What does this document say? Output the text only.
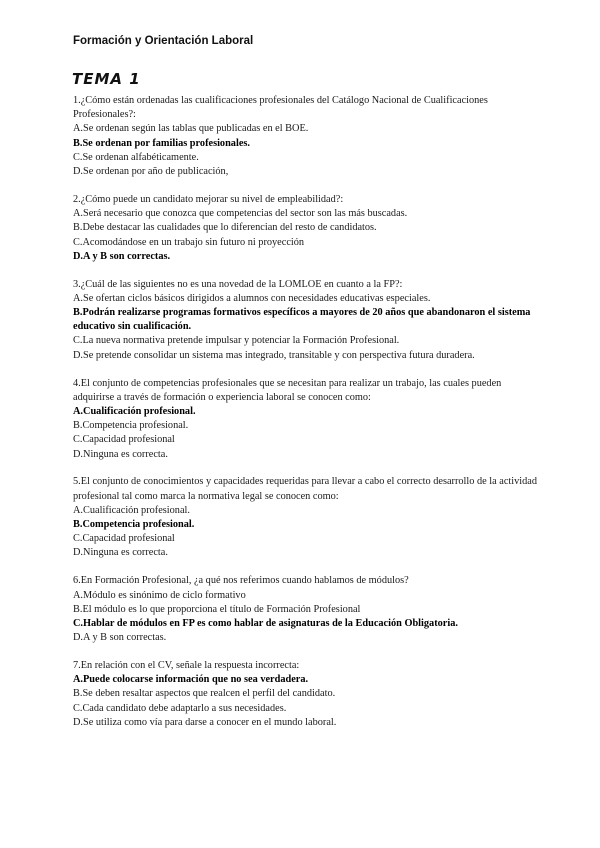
Formación y Orientación Laboral
TEMA 1

1.¿Cómo están ordenadas las cualificaciones profesionales del Catálogo Nacional de Cualificaciones Profesionales?:

A.Se ordenan según las tablas que publicadas en el BOE.

B.Se ordenan por familias profesionales.

C.Se ordenan alfabéticamente.

D.Se ordenan por año de publicación,

2.¿Cómo puede un candidato mejorar su nivel de empleabilidad?:

A.Será necesario que conozca que competencias del sector son las más buscadas.

B.Debe destacar las cualidades que lo diferencian del resto de candidatos.

C.Acomodándose en un trabajo sin futuro ni proyección

D.A y B son correctas.

3.¿Cuál de las siguientes no es una novedad de la LOMLOE en cuanto a la FP?:

A.Se ofertan ciclos básicos dirigidos a alumnos con necesidades educativas especiales.

B.Podrán realizarse programas formativos específicos a mayores de 20 años que abandonaron el sistema educativo sin cualificación.

C.La nueva normativa pretende impulsar y potenciar la Formación Profesional.

D.Se pretende consolidar un sistema mas integrado, transitable y con perspectiva futura duradera.

4.El conjunto de competencias profesionales que se necesitan para realizar un trabajo, las cuales pueden adquirirse a través de formación o experiencia laboral se conocen como:

A.Cualificación profesional.

B.Competencia profesional.

C.Capacidad profesional

D.Ninguna es correcta.

5.El conjunto de conocimientos y capacidades requeridas para llevar a cabo el correcto desarrollo de la actividad profesional tal como marca la normativa legal se conocen como:

A.Cualificación profesional.

B.Competencia profesional.

C.Capacidad profesional

D.Ninguna es correcta.

6.En Formación Profesional, ¿a qué nos referimos cuando hablamos de módulos?

A.Módulo es sinónimo de ciclo formativo

B.El módulo es lo que proporciona el título de Formación Profesional

C.Hablar de módulos en FP es como hablar de asignaturas de la Educación Obligatoria.

D.A y B son correctas.

7.En relación con el CV, señale la respuesta incorrecta:

A.Puede colocarse información que no sea verdadera.

B.Se deben resaltar aspectos que realcen el perfil del candidato.

C.Cada candidato debe adaptarlo a sus necesidades.

D.Se utiliza como vía para darse a conocer en el mundo laboral.
